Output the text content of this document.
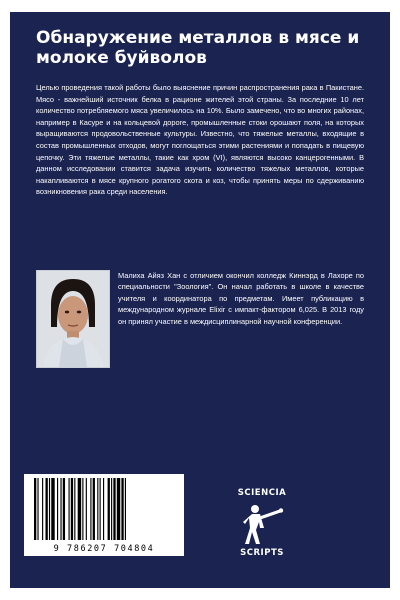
Обнаружение металлов в мясе и молоке буйволов

Целью проведения такой работы было выяснение причин распространения рака в Пакистане. Мясо - важнейший источник белка в рационе жителей этой страны. За последние 10 лет количество потребляемого мяса увеличилось на 10%. Было замечено, что во многих районах, например в Касуре и на кольцевой дороге, промышленные стоки орошают поля, на которых выращиваются продовольственные культуры. Известно, что тяжелые металлы, входящие в состав промышленных отходов, могут поглощаться этими растениями и попадать в пищевую цепочку. Эти тяжелые металлы, такие как хром (VI), являются высоко канцерогенными. В данном исследовании ставится задача изучить количество тяжелых металлов, которые накапливаются в мясе крупного рогатого скота и коз, чтобы принять меры по сдерживанию возникновения рака среди населения.

Малиха Айяз Хан с отличием окончил колледж Киннэрд в Лахоре по специальности "Зоология". Он начал работать в школе в качестве учителя и координатора по предметам. Имеет публикацию в международном журнале Elixir с импакт-фактором 6,025. В 2013 году он принял участие в междисциплинарной научной конференции.

9 786207 704804
SCIENCIA
SCRIPTS
